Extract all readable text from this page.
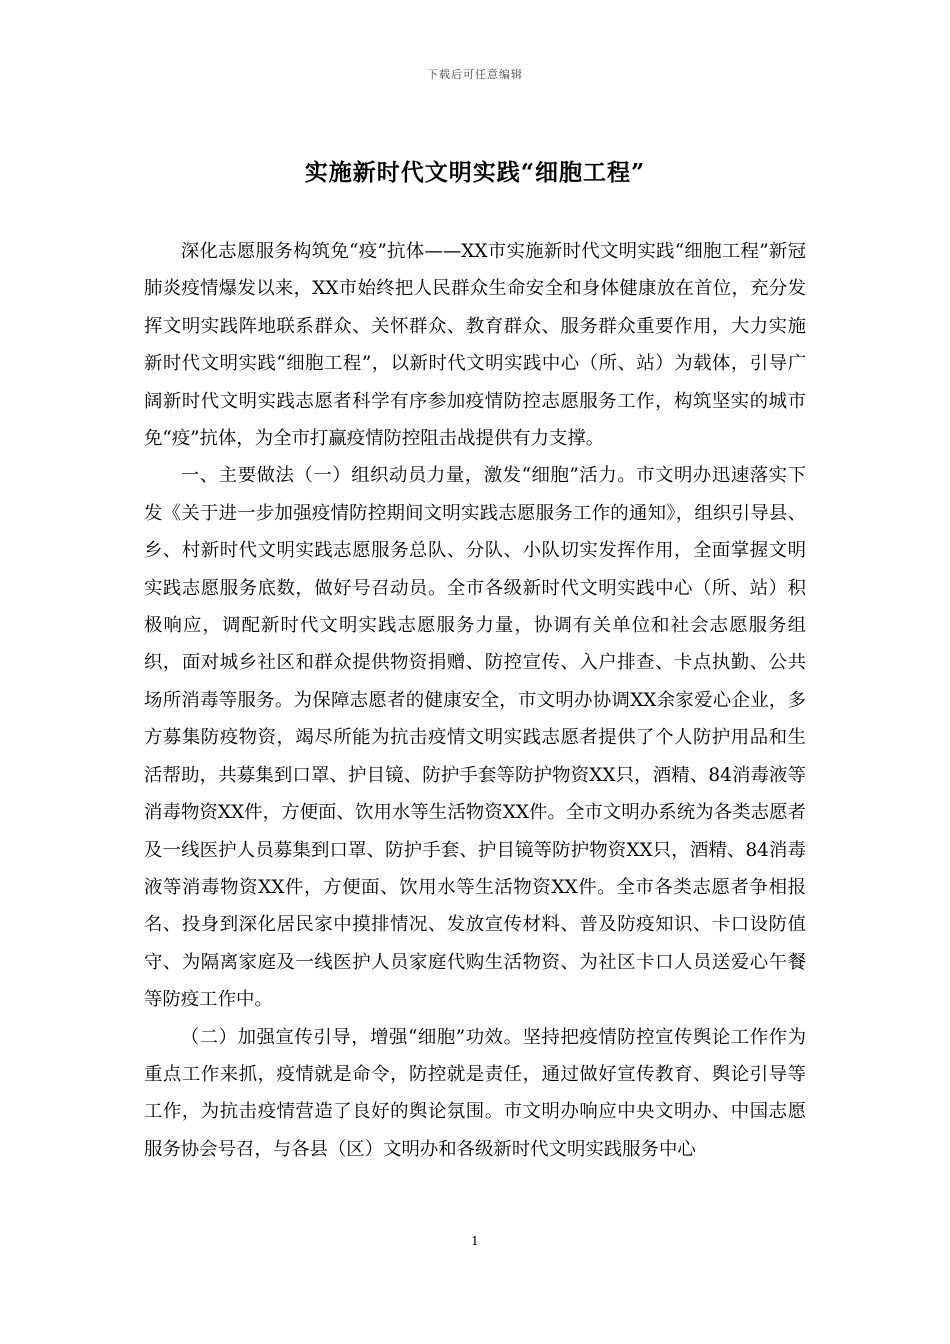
下载后可任意编辑
实施新时代文明实践“细胞工程”

深化志愿服务构筑免“疫”抗体——XX市实施新时代文明实践“细胞工程”新冠肺炎疫情爆发以来，XX市始终把人民群众生命安全和身体健康放在首位，充分发挥文明实践阵地联系群众、关怀群众、教育群众、服务群众重要作用，大力实施新时代文明实践“细胞工程”，以新时代文明实践中心（所、站）为载体，引导广阔新时代文明实践志愿者科学有序参加疫情防控志愿服务工作，构筑坚实的城市免“疫”抗体，为全市打赢疫情防控阻击战提供有力支撑。

一、主要做法（一）组织动员力量，激发“细胞”活力。市文明办迅速落实下发《关于进一步加强疫情防控期间文明实践志愿服务工作的通知》，组织引导县、乡、村新时代文明实践志愿服务总队、分队、小队切实发挥作用，全面掌握文明实践志愿服务底数，做好号召动员。全市各级新时代文明实践中心（所、站）积极响应，调配新时代文明实践志愿服务力量，协调有关单位和社会志愿服务组织，面对城乡社区和群众提供物资捐赠、防控宣传、入户排查、卡点执勤、公共场所消毒等服务。为保障志愿者的健康安全，市文明办协调XX余家爱心企业，多方募集防疫物资，竭尽所能为抗击疫情文明实践志愿者提供了个人防护用品和生活帮助，共募集到口罩、护目镜、防护手套等防护物资XX只，酒精、84消毒液等消毒物资XX件，方便面、饮用水等生活物资XX件。全市文明办系统为各类志愿者及一线医护人员募集到口罩、防护手套、护目镜等防护物资XX只，酒精、84消毒液等消毒物资XX件，方便面、饮用水等生活物资XX件。全市各类志愿者争相报名、投身到深化居民家中摸排情况、发放宣传材料、普及防疫知识、卡口设防值守、为隔离家庭及一线医护人员家庭代购生活物资、为社区卡口人员送爱心午餐等防疫工作中。

（二）加强宣传引导，增强“细胞”功效。坚持把疫情防控宣传舆论工作作为重点工作来抓，疫情就是命令，防控就是责任，通过做好宣传教育、舆论引导等工作，为抗击疫情营造了良好的舆论氛围。市文明办响应中央文明办、中国志愿服务协会号召，与各县（区）文明办和各级新时代文明实践服务中心

1
